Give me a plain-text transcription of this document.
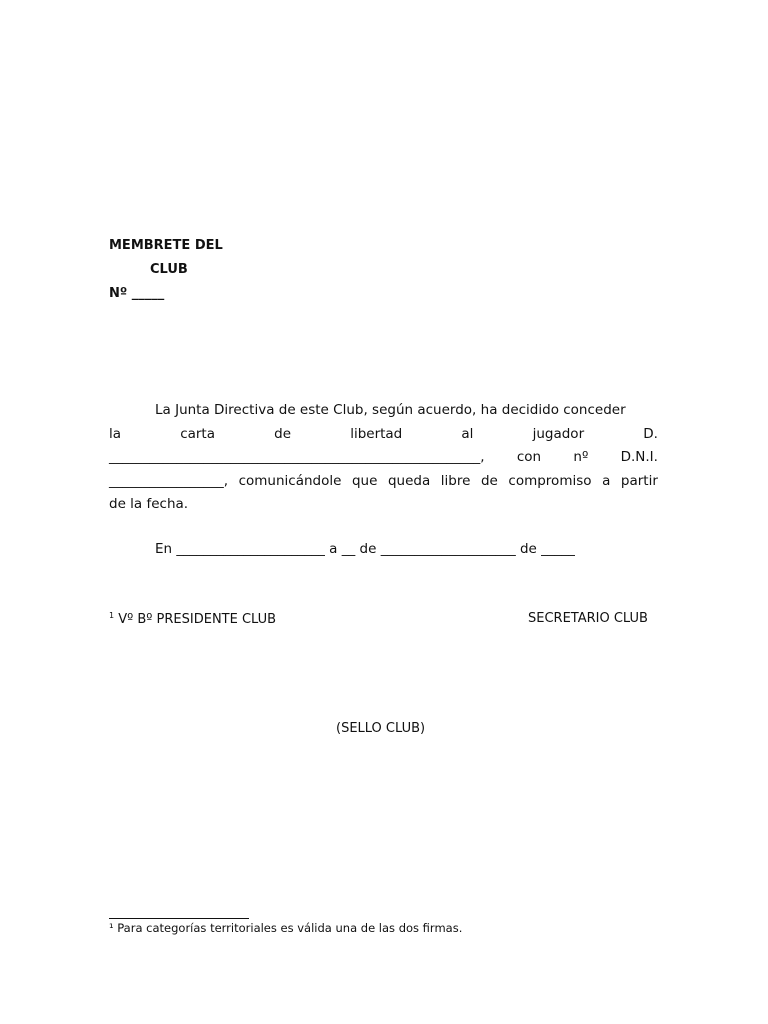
MEMBRETE DEL
CLUB
Nº _____
La Junta Directiva de este Club, según acuerdo, ha decidido conceder
la	carta	de	libertad	al	jugador	D.
_______________________________________________________, con nº D.N.I.
_________________, comunicándole que queda libre de compromiso a partir
de la fecha.
En ______________________ a __ de ____________________ de _____
$^1$ Vº Bº PRESIDENTE CLUB	SECRETARIO CLUB
(SELLO CLUB)
¹ Para categorías territoriales es válida una de las dos firmas.
